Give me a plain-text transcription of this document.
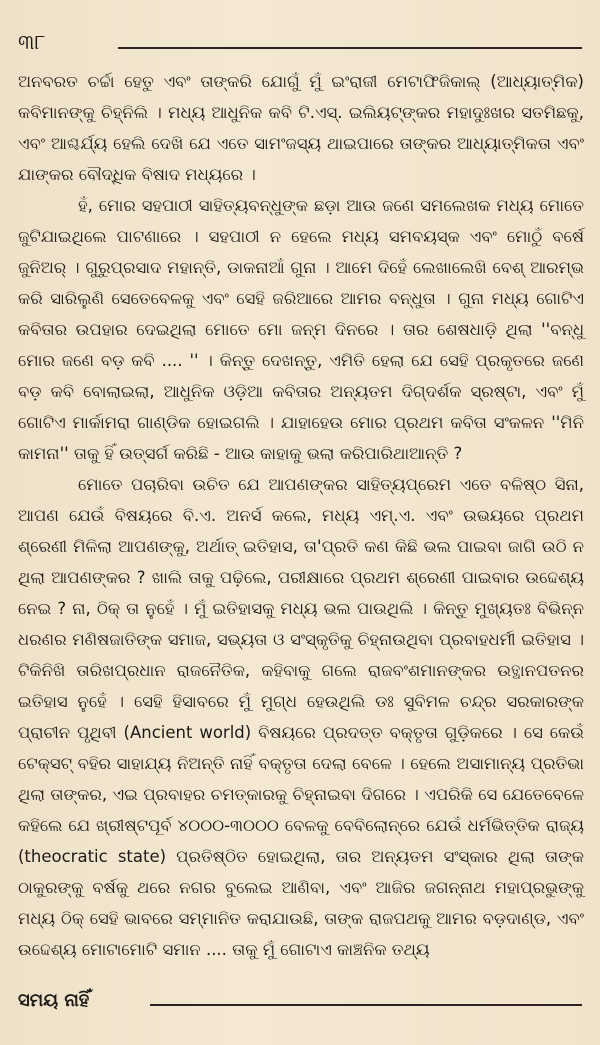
୩୮

ଅନବରତ ଚର୍ଚ୍ଚା ହେତୁ ଏବଂ ତାଙ୍କରି ଯୋଗୁଁ ମୁଁ ଇଂରାଜୀ ମେଟାଫିଜିକାଲ୍ (ଆଧ୍ୟାତ୍ମିକ) କବିମାନଙ୍କୁ ଚିହ୍ନିଲି । ମଧ୍ୟ ଆଧୁନିକ କବି ଟି.ଏସ୍. ଇଲିୟଟ୍‌ଙ୍କର ମହାଦୁଃଖର ସତମିଛକୁ, ଏବଂ ଆଶ୍ଚର୍ଯ୍ୟ ହେଲି ଦେଖି ଯେ ଏତେ ସାମଂଜସ୍ୟ ଥାଇପାରେ ତାଙ୍କର ଆଧ୍ୟାତ୍ମିକତା ଏବଂ ଯାଙ୍କର ବୌଦ୍ଧିକ ବିଷାଦ ମଧ୍ୟରେ ।

ହଁ, ମୋର ସହପାଠୀ ସାହିତ୍ୟବନ୍ଧୁଙ୍କ ଛଡ଼ା ଆଉ ଜଣେ ସମଲେଖକ ମଧ୍ୟ ମୋତେ ଜୁଟିଯାଇଥିଲେ ପାଟଣାରେ । ସହପାଠୀ ନ ହେଲେ ମଧ୍ୟ ସମବୟସ୍କ ଏବଂ ମୋଠୁଁ ବର୍ଷେ ଜୁନିଅର୍ । ଗୁରୁପ୍ରସାଦ ମହାନ୍ତି, ଡାକନାଆଁ ଗୁନା । ଆମେ ଦିହେଁ ଲେଖାଲେଖି ବେଶ୍ ଆରମ୍ଭ କରି ସାରିଲୁଣି ସେତେବେଳକୁ ଏବଂ ସେହି ଜରିଆରେ ଆମର ବନ୍ଧୁତା । ଗୁନା ମଧ୍ୟ ଗୋଟିଏ କବିତାର ଉପହାର ଦେଇଥିଲା ମୋତେ ମୋ ଜନ୍ମ ଦିନରେ । ତାର ଶେଷଧାଡ଼ି ଥିଲା ''ବନ୍ଧୁ ମୋର ଜଣେ ବଡ଼ କବି .... '' । କିନ୍ତୁ ଦେଖନ୍ତୁ, ଏମିତି ହେଲା ଯେ ସେହି ପ୍ରକୃତରେ ଜଣେ ବଡ଼ କବି ବୋଲାଇଲା, ଆଧୁନିକ ଓଡ଼ିଆ କବିତାର ଅନ୍ୟତମ ଦିଗ୍‌ଦର୍ଶକ ସ୍ରଷ୍ଟା, ଏବଂ ମୁଁ ଗୋଟିଏ ମାର୍କାମରା ଗାଣ୍ଡିକ ହୋଇଗଲି । ଯାହାହେଉ ମୋର ପ୍ରଥମ କବିତା ସଂକଳନ ''ମିନି କାମନା'' ତାକୁ ହିଁ ଉତ୍ସର୍ଗ କରିଛି - ଆଉ କାହାକୁ ଭଲା କରିପାରିଥାଆନ୍ତି ?

ମୋତେ ପଚାରିବା ଉଚିତ ଯେ ଆପଣଙ୍କର ସାହିତ୍ୟପ୍ରେମ ଏତେ ବଳିଷ୍ଠ ସିନା, ଆପଣ ଯେଉଁ ବିଷୟରେ ବି.ଏ. ଅନର୍ସ କଲେ, ମଧ୍ୟ ଏମ୍.ଏ. ଏବଂ ଉଭୟରେ ପ୍ରଥମ ଶ୍ରେଣୀ ମିଳିଲା ଆପଣଙ୍କୁ, ଅର୍ଥାତ୍ ଇତିହାସ, ତା'ପ୍ରତି କଣ କିଛି ଭଲ ପାଇବା ଜାଗି ଉଠି ନ ଥିଲା ଆପଣଙ୍କର ? ଖାଲି ତାକୁ ପଢ଼ିଲେ, ପରୀକ୍ଷାରେ ପ୍ରଥମ ଶ୍ରେଣୀ ପାଇବାର ଉଦ୍ଦେଶ୍ୟ ନେଇ ? ନା, ଠିକ୍ ତା ନୁହେଁ । ମୁଁ ଇତିହାସକୁ ମଧ୍ୟ ଭଲ ପାଉଥିଲି । କିନ୍ତୁ ମୁଖ୍ୟତଃ ବିଭିନ୍ନ ଧରଣର ମଣିଷଜାତିଙ୍କ ସମାଜ, ସଭ୍ୟତା ଓ ସଂସ୍କୃତିକୁ ଚିହ୍ନାଉଥିବା ପ୍ରବାହଧର୍ମୀ ଇତିହାସ । ଟିକିନିଖି ତାରିଖପ୍ରଧାନ ରାଜନୈତିକ, କହିବାକୁ ଗଲେ ରାଜବଂଶମାନଙ୍କର ଉତ୍ଥାନପତନର ଇତିହାସ ନୁହେଁ । ସେହି ହିସାବରେ ମୁଁ ମୁଗ୍ଧ ହେଉଥିଲି ଡଃ ସୁବିମଳ ଚନ୍ଦ୍ର ସରକାରଙ୍କ ପ୍ରାଚୀନ ପୃଥିବୀ (Ancient world) ବିଷୟରେ ପ୍ରଦତ୍ତ ବକ୍ତୃତା ଗୁଡ଼ିକରେ । ସେ କେଉଁ ଟେକ୍‌ସଟ୍ ବହିର ସାହାଯ୍ୟ ନିଅନ୍ତି ନାହିଁ ବକ୍ତୃତା ଦେଲା ବେଳେ । ହେଲେ ଅସାମାନ୍ୟ ପ୍ରତିଭା ଥିଲା ତାଙ୍କର, ଏଇ ପ୍ରବାହର ଚମତ୍କାରକୁ ଚିହ୍ନାଇବା ଦିଗରେ । ଏପରିକି ସେ ଯେତେବେଳେ କହିଲେ ଯେ ଖ୍ରୀଷ୍ଟପୂର୍ବ ୪୦୦୦-୩୦୦୦ ବେଳକୁ ବେବିଲୋନ୍‌ରେ ଯେଉଁ ଧର୍ମଭିତ୍ତିକ ରାଜ୍ୟ (theocratic state) ପ୍ରତିଷ୍ଠିତ ହୋଇଥିଲା, ତାର ଅନ୍ୟତମ ସଂସ୍କାର ଥିଲା ତାଙ୍କ ଠାକୁରଙ୍କୁ ବର୍ଷକୁ ଥରେ ନଗର ବୁଲେଇ ଆଣିବା, ଏବଂ ଆଜିର ଜଗନ୍ନାଥ ମହାପ୍ରଭୁଙ୍କୁ ମଧ୍ୟ ଠିକ୍ ସେହି ଭାବରେ ସମ୍ମାନିତ କରାଯାଉଛି, ତାଙ୍କ ରାଜପଥକୁ ଆମର ବଡ଼ଦାଣ୍ଡ, ଏବଂ ଉଦ୍ଦେଶ୍ୟ ମୋଟାମୋଟି ସମାନ .... ତାକୁ ମୁଁ ଗୋଟାଏ କାଞ୍ଚନିକ ତଥ୍ୟ

ସମୟ ନାହିଁ
